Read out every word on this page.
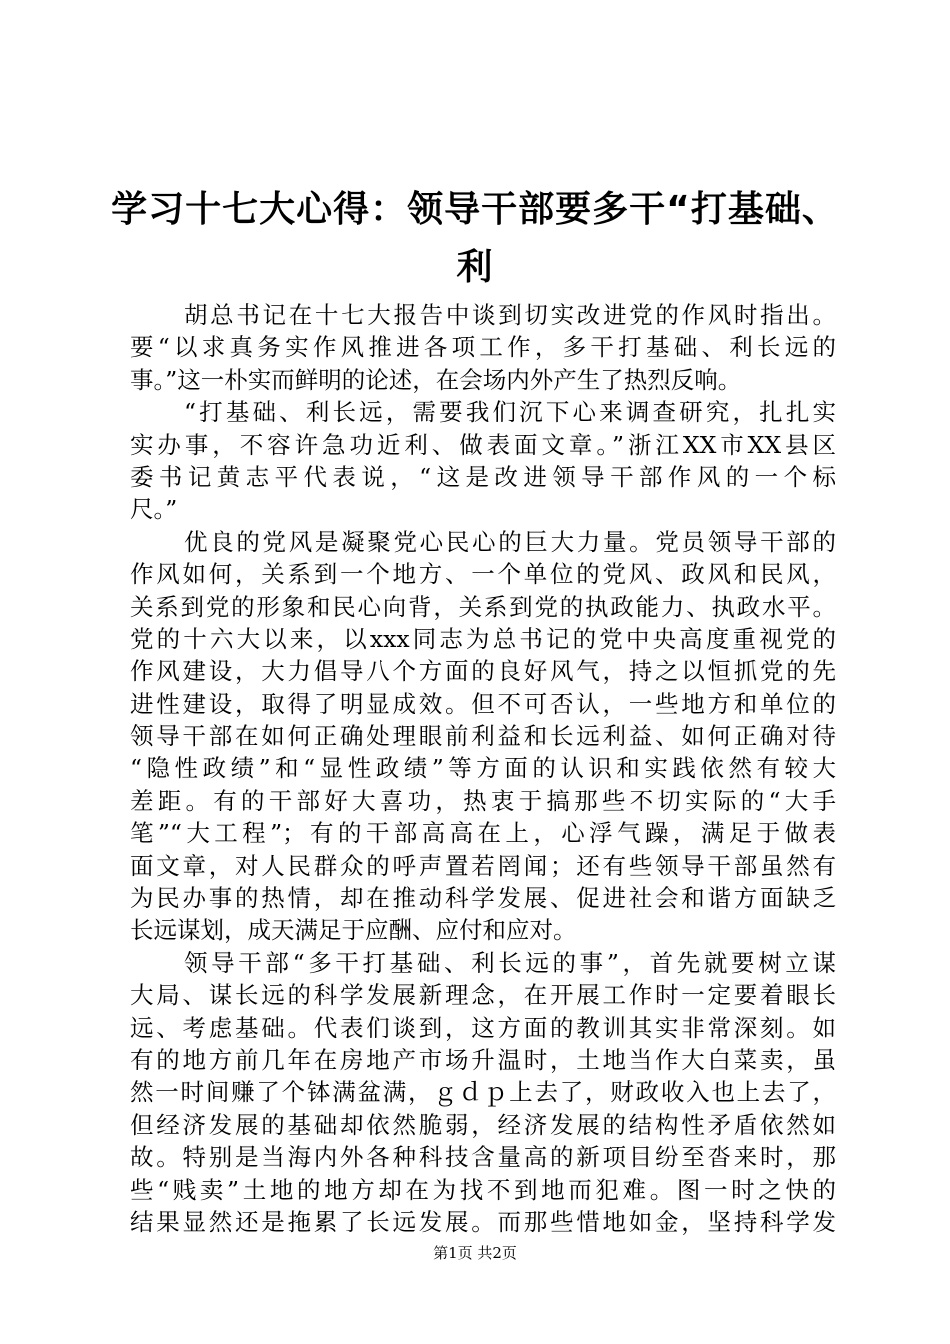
学习十七大心得：领导干部要多干“打基础、
利
胡总书记在十七大报告中谈到切实改进党的作风时指出。
要“以求真务实作风推进各项工作，多干打基础、利长远的
事。”这一朴实而鲜明的论述，在会场内外产生了热烈反响。
“打基础、利长远，需要我们沉下心来调查研究，扎扎实
实办事，不容许急功近利、做表面文章。”浙江XX市XX县区
委书记黄志平代表说，“这是改进领导干部作风的一个标
尺。”
优良的党风是凝聚党心民心的巨大力量。党员领导干部的
作风如何，关系到一个地方、一个单位的党风、政风和民风，
关系到党的形象和民心向背，关系到党的执政能力、执政水平。
党的十六大以来，以xxx同志为总书记的党中央高度重视党的
作风建设，大力倡导八个方面的良好风气，持之以恒抓党的先
进性建设，取得了明显成效。但不可否认，一些地方和单位的
领导干部在如何正确处理眼前利益和长远利益、如何正确对待
“隐性政绩”和“显性政绩”等方面的认识和实践依然有较大
差距。有的干部好大喜功，热衷于搞那些不切实际的“大手
笔”“大工程”；有的干部高高在上，心浮气躁，满足于做表
面文章，对人民群众的呼声置若罔闻；还有些领导干部虽然有
为民办事的热情，却在推动科学发展、促进社会和谐方面缺乏
长远谋划，成天满足于应酬、应付和应对。
领导干部“多干打基础、利长远的事”，首先就要树立谋
大局、谋长远的科学发展新理念，在开展工作时一定要着眼长
远、考虑基础。代表们谈到，这方面的教训其实非常深刻。如
有的地方前几年在房地产市场升温时，土地当作大白菜卖，虽
然一时间赚了个钵满盆满，ｇｄｐ上去了，财政收入也上去了，
但经济发展的基础却依然脆弱，经济发展的结构性矛盾依然如
故。特别是当海内外各种科技含量高的新项目纷至沓来时，那
些“贱卖”土地的地方却在为找不到地而犯难。图一时之快的
结果显然还是拖累了长远发展。而那些惜地如金，坚持科学发
第1页 共2页
